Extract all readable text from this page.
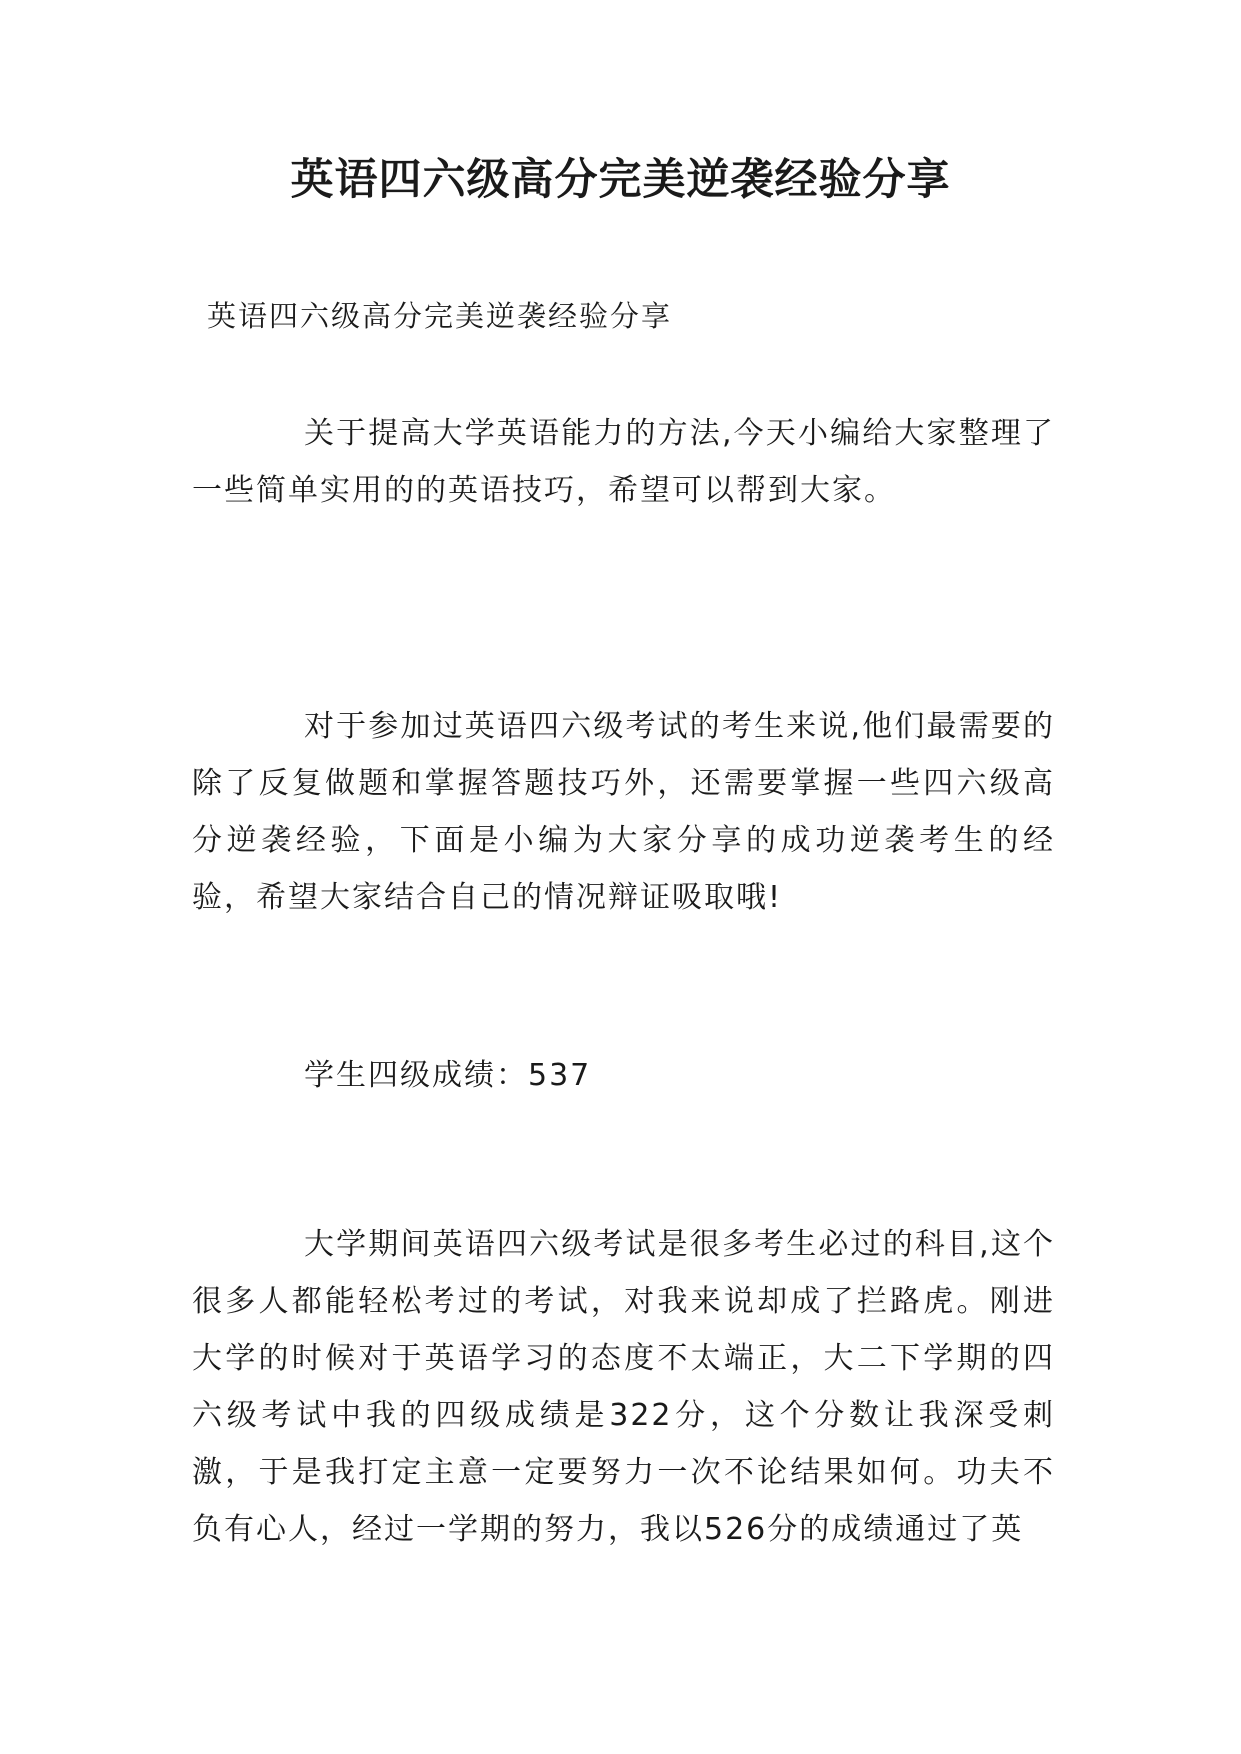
英语四六级高分完美逆袭经验分享

英语四六级高分完美逆袭经验分享

关于提高大学英语能力的方法,今天小编给大家整理了一些简单实用的的英语技巧，希望可以帮到大家。

对于参加过英语四六级考试的考生来说,他们最需要的除了反复做题和掌握答题技巧外，还需要掌握一些四六级高分逆袭经验，下面是小编为大家分享的成功逆袭考生的经验，希望大家结合自己的情况辩证吸取哦!

学生四级成绩：537

大学期间英语四六级考试是很多考生必过的科目,这个很多人都能轻松考过的考试，对我来说却成了拦路虎。刚进大学的时候对于英语学习的态度不太端正，大二下学期的四六级考试中我的四级成绩是322分，这个分数让我深受刺激，于是我打定主意一定要努力一次不论结果如何。功夫不负有心人，经过一学期的努力，我以526分的成绩通过了英
